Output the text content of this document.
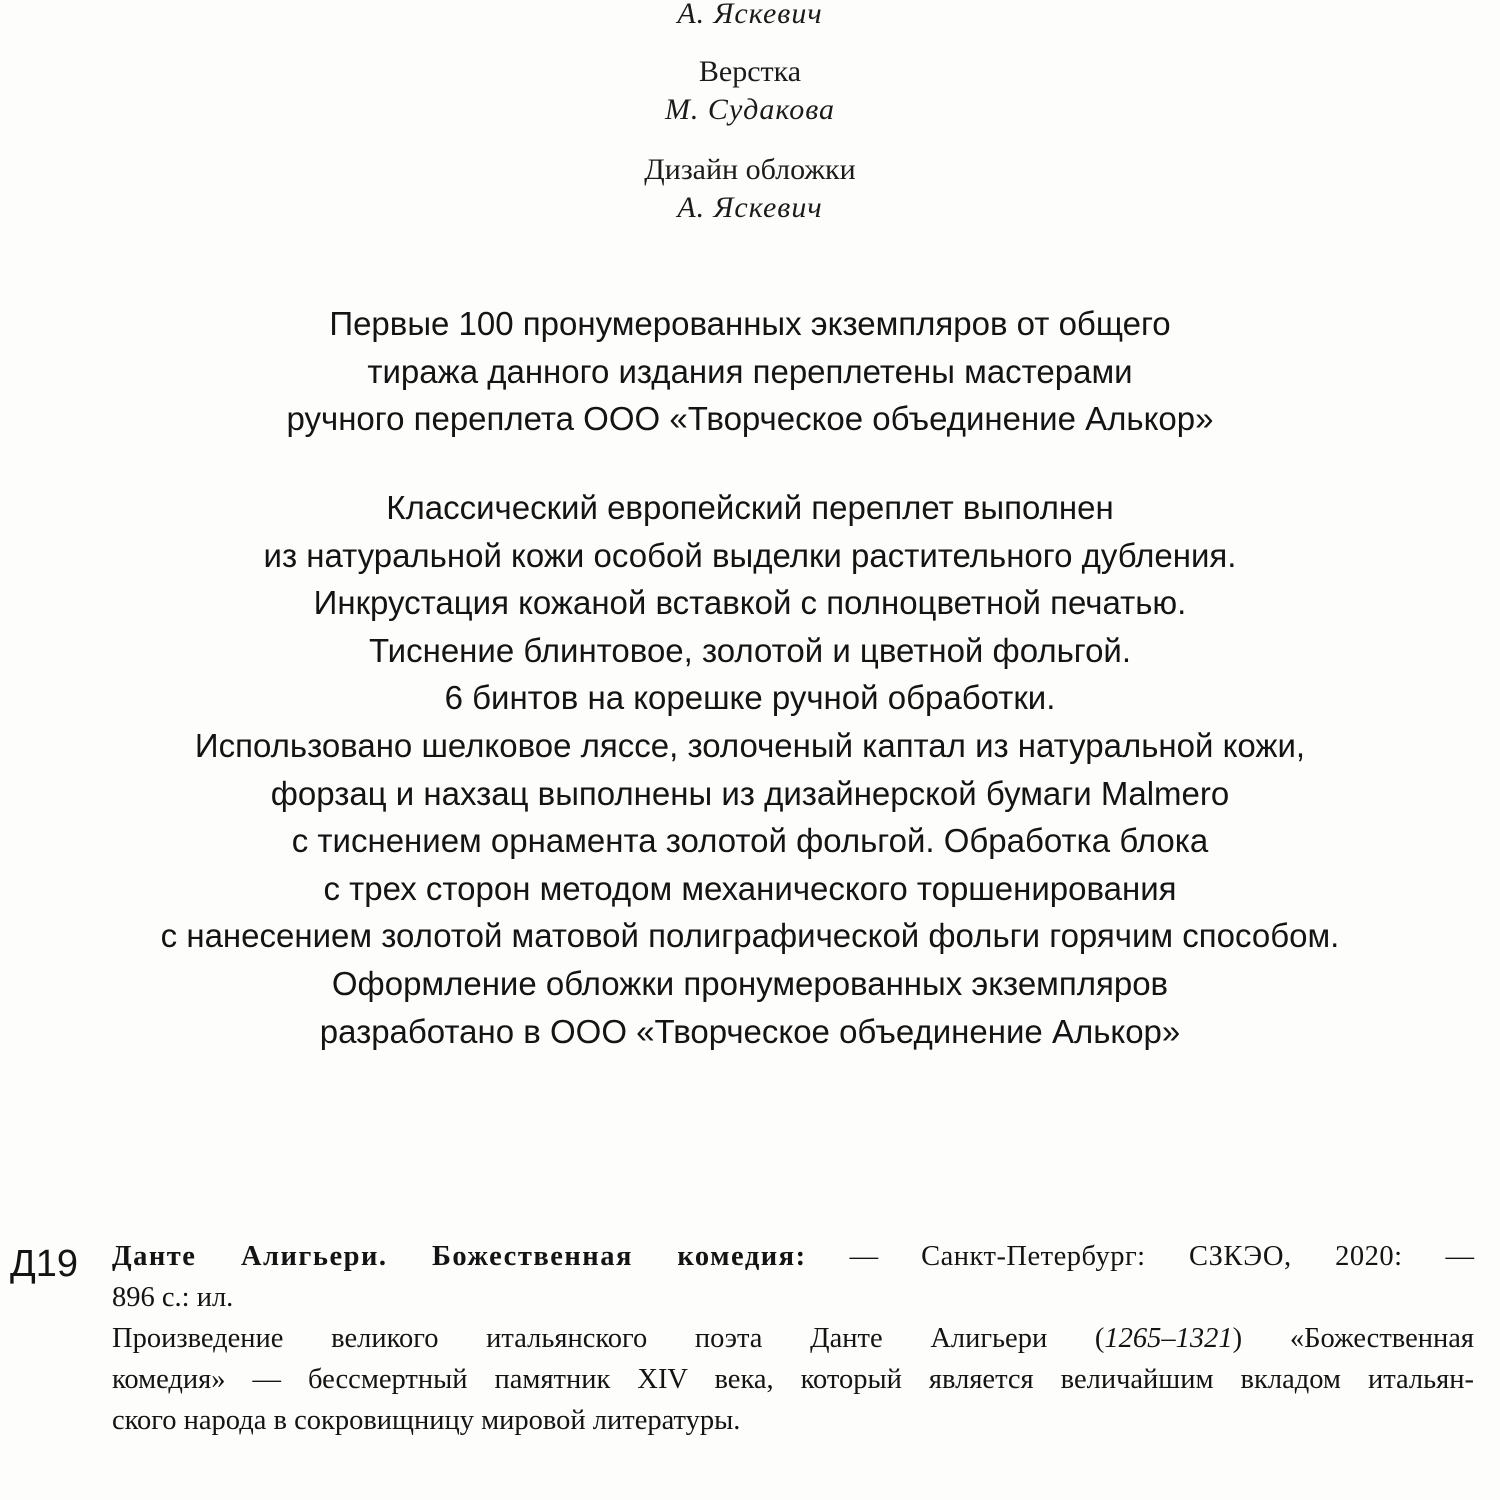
А. Яскевич
Верстка
М. Судакова
Дизайн обложки
А. Яскевич
Первые 100 пронумерованных экземпляров от общего
тиража данного издания переплетены мастерами
ручного переплета ООО «Творческое объединение Алькор»
Классический европейский переплет выполнен
из натуральной кожи особой выделки растительного дубления.
Инкрустация кожаной вставкой с полноцветной печатью.
Тиснение блинтовое, золотой и цветной фольгой.
6 бинтов на корешке ручной обработки.
Использовано шелковое ляссе, золоченый каптал из натуральной кожи,
форзац и нахзац выполнены из дизайнерской бумаги Malmero
с тиснением орнамента золотой фольгой. Обработка блока
с трех сторон методом механического торшенирования
с нанесением золотой матовой полиграфической фольги горячим способом.
Оформление обложки пронумерованных экземпляров
разработано в ООО «Творческое объединение Алькор»
Д19 Данте Алигьери. Божественная комедия: — Санкт-Петербург: СЗКЭО, 2020: —
896 с.: ил.
Произведение великого итальянского поэта Данте Алигьери (1265–1321) «Божественная
комедия» — бессмертный памятник XIV века, который является величайшим вкладом итальян-
ского народа в сокровищницу мировой литературы.
